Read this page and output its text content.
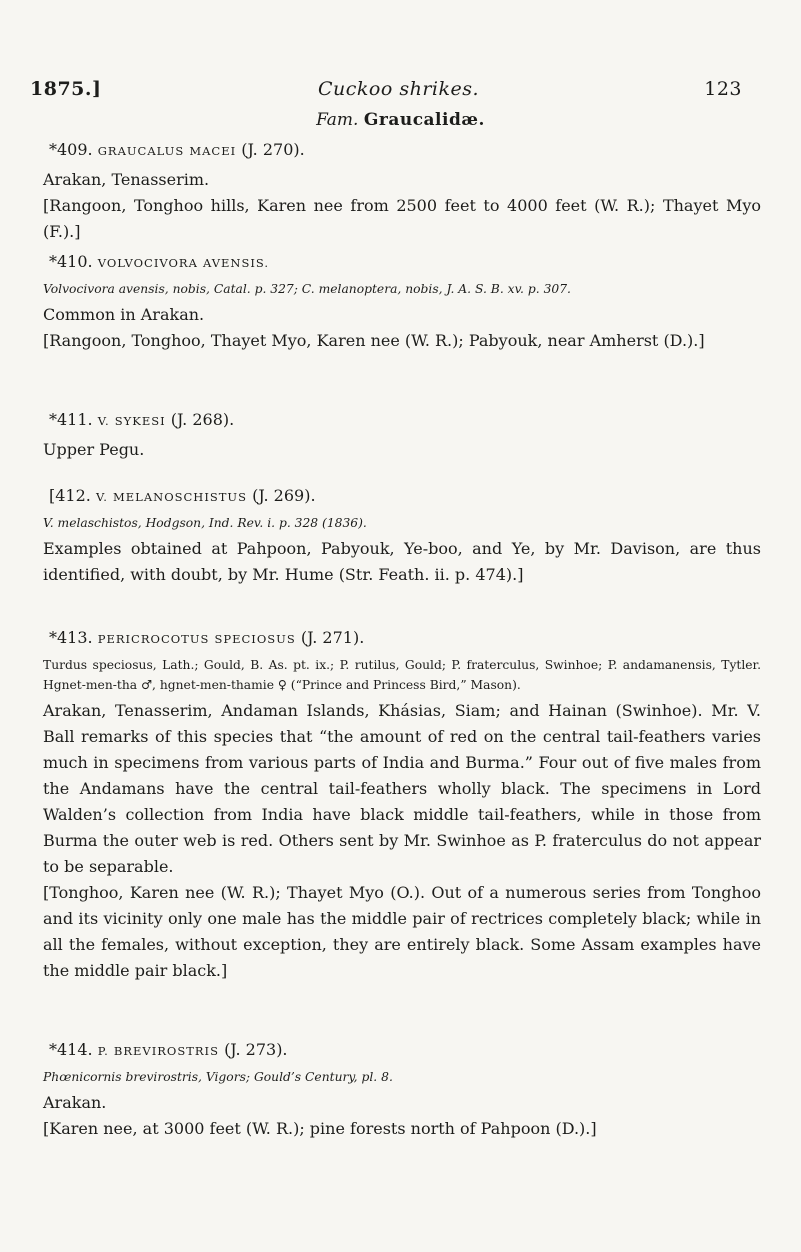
1875.]	Cuckoo shrikes.	123
Fam. Graucalidæ.
*409. GRAUCALUS MACEI (J. 270).

Arakan, Tenasserim.

[Rangoon, Tonghoo hills, Karen nee from 2500 feet to 4000 feet (W. R.); Thayet Myo (F.).]

*410. VOLVOCIVORA AVENSIS.

Volvocivora avensis, nobis, Catal. p. 327; C. melanoptera, nobis, J. A. S. B. xv. p. 307.

Common in Arakan.

[Rangoon, Tonghoo, Thayet Myo, Karen nee (W. R.); Pabyouk, near Amherst (D.).]

*411. V. SYKESI (J. 268).

Upper Pegu.

[412. V. MELANOSCHISTUS (J. 269).

V. melaschistos, Hodgson, Ind. Rev. i. p. 328 (1836).

Examples obtained at Pahpoon, Pabyouk, Ye-boo, and Ye, by Mr. Davison, are thus identified, with doubt, by Mr. Hume (Str. Feath. ii. p. 474).]

*413. PERICROCOTUS SPECIOSUS (J. 271).

Turdus speciosus, Lath.; Gould, B. As. pt. ix.; P. rutilus, Gould; P. fraterculus, Swinhoe; P. andamanensis, Tytler. Hgnet-men-tha ♂, hgnet-men-thamie ♀ (“Prince and Princess Bird,” Mason).

Arakan, Tenasserim, Andaman Islands, Khásias, Siam; and Hainan (Swinhoe). Mr. V. Ball remarks of this species that “the amount of red on the central tail-feathers varies much in specimens from various parts of India and Burma.” Four out of five males from the Andamans have the central tail-feathers wholly black. The specimens in Lord Walden’s collection from India have black middle tail-feathers, while in those from Burma the outer web is red. Others sent by Mr. Swinhoe as P. fraterculus do not appear to be separable.

[Tonghoo, Karen nee (W. R.); Thayet Myo (O.). Out of a numerous series from Tonghoo and its vicinity only one male has the middle pair of rectrices completely black; while in all the females, without exception, they are entirely black. Some Assam examples have the middle pair black.]

*414. P. BREVIROSTRIS (J. 273).

Phœnicornis brevirostris, Vigors; Gould’s Century, pl. 8.

Arakan.

[Karen nee, at 3000 feet (W. R.); pine forests north of Pahpoon (D.).]
